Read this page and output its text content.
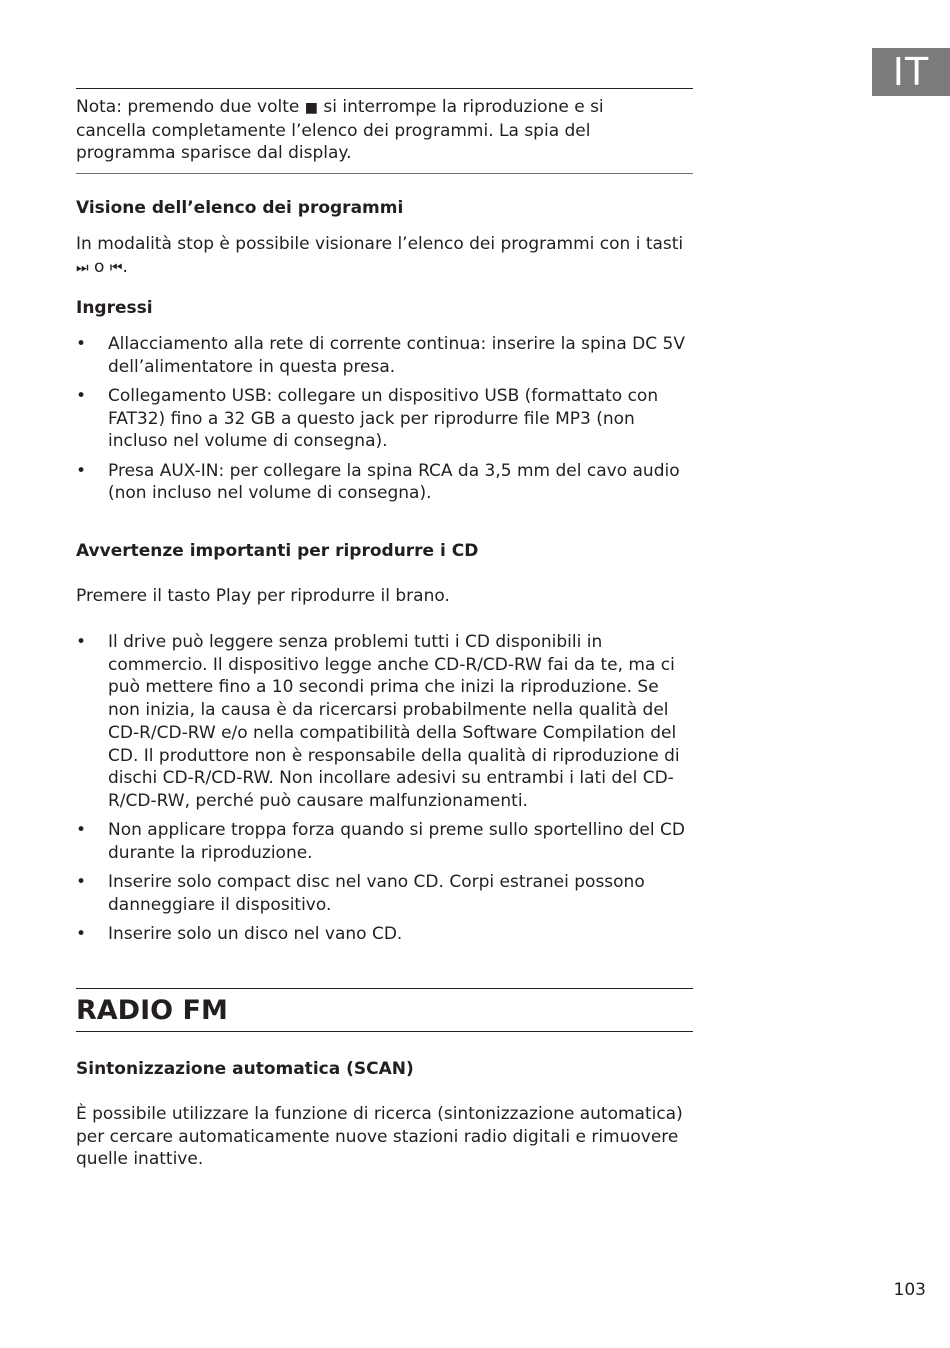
IT
Nota: premendo due volte ■ si interrompe la riproduzione e si cancella completamente l’elenco dei programmi. La spia del programma sparisce dal display.
Visione dell’elenco dei programmi
In modalità stop è possibile visionare l’elenco dei programmi con i tasti ⏭ o ⏮.
Ingressi
• Allacciamento alla rete di corrente continua: inserire la spina DC 5V dell’alimentatore in questa presa.
• Collegamento USB: collegare un dispositivo USB (formattato con FAT32) fino a 32 GB a questo jack per riprodurre file MP3 (non incluso nel volume di consegna).
• Presa AUX-IN: per collegare la spina RCA da 3,5 mm del cavo audio (non incluso nel volume di consegna).
Avvertenze importanti per riprodurre i CD
Premere il tasto Play per riprodurre il brano.
• Il drive può leggere senza problemi tutti i CD disponibili in commercio. Il dispositivo legge anche CD-R/CD-RW fai da te, ma ci può mettere fino a 10 secondi prima che inizi la riproduzione. Se non inizia, la causa è da ricercarsi probabilmente nella qualità del CD-R/CD-RW e/o nella compatibilità della Software Compilation del CD. Il produttore non è responsabile della qualità di riproduzione di dischi CD-R/CD-RW. Non incollare adesivi su entrambi i lati del CD-R/CD-RW, perché può causare malfunzionamenti.
• Non applicare troppa forza quando si preme sullo sportellino del CD durante la riproduzione.
• Inserire solo compact disc nel vano CD. Corpi estranei possono danneggiare il dispositivo.
• Inserire solo un disco nel vano CD.
RADIO FM
Sintonizzazione automatica (SCAN)
È possibile utilizzare la funzione di ricerca (sintonizzazione automatica) per cercare automaticamente nuove stazioni radio digitali e rimuovere quelle inattive.
103
